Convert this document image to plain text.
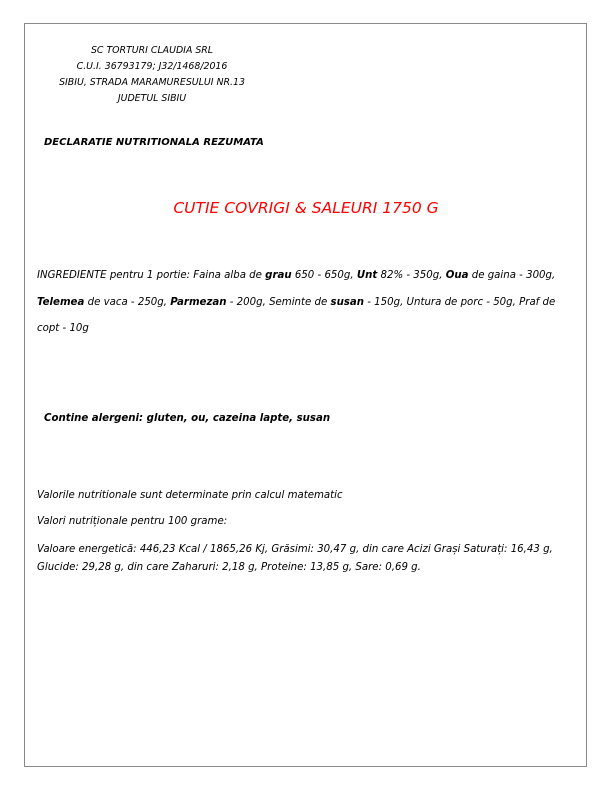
SC TORTURI CLAUDIA SRL
C.U.I. 36793179; J32/1468/2016
SIBIU, STRADA MARAMURESULUI NR.13
JUDETUL SIBIU
DECLARATIE NUTRITIONALA REZUMATA
CUTIE COVRIGI & SALEURI 1750 G
INGREDIENTE pentru 1 portie: Faina alba de grau 650 - 650g, Unt 82% - 350g, Oua de gaina - 300g,
Telemea de vaca - 250g, Parmezan - 200g, Seminte de susan - 150g, Untura de porc - 50g, Praf de copt - 10g
Contine alergeni: gluten, ou, cazeina lapte, susan
Valorile nutritionale sunt determinate prin calcul matematic
Valori nutriționale pentru 100 grame:
Valoare energetică: 446,23 Kcal / 1865,26 Kj, Grăsimi: 30,47 g, din care Acizi Grași Saturați: 16,43 g, Glucide: 29,28 g, din care Zaharuri: 2,18 g, Proteine: 13,85 g, Sare: 0,69 g.
